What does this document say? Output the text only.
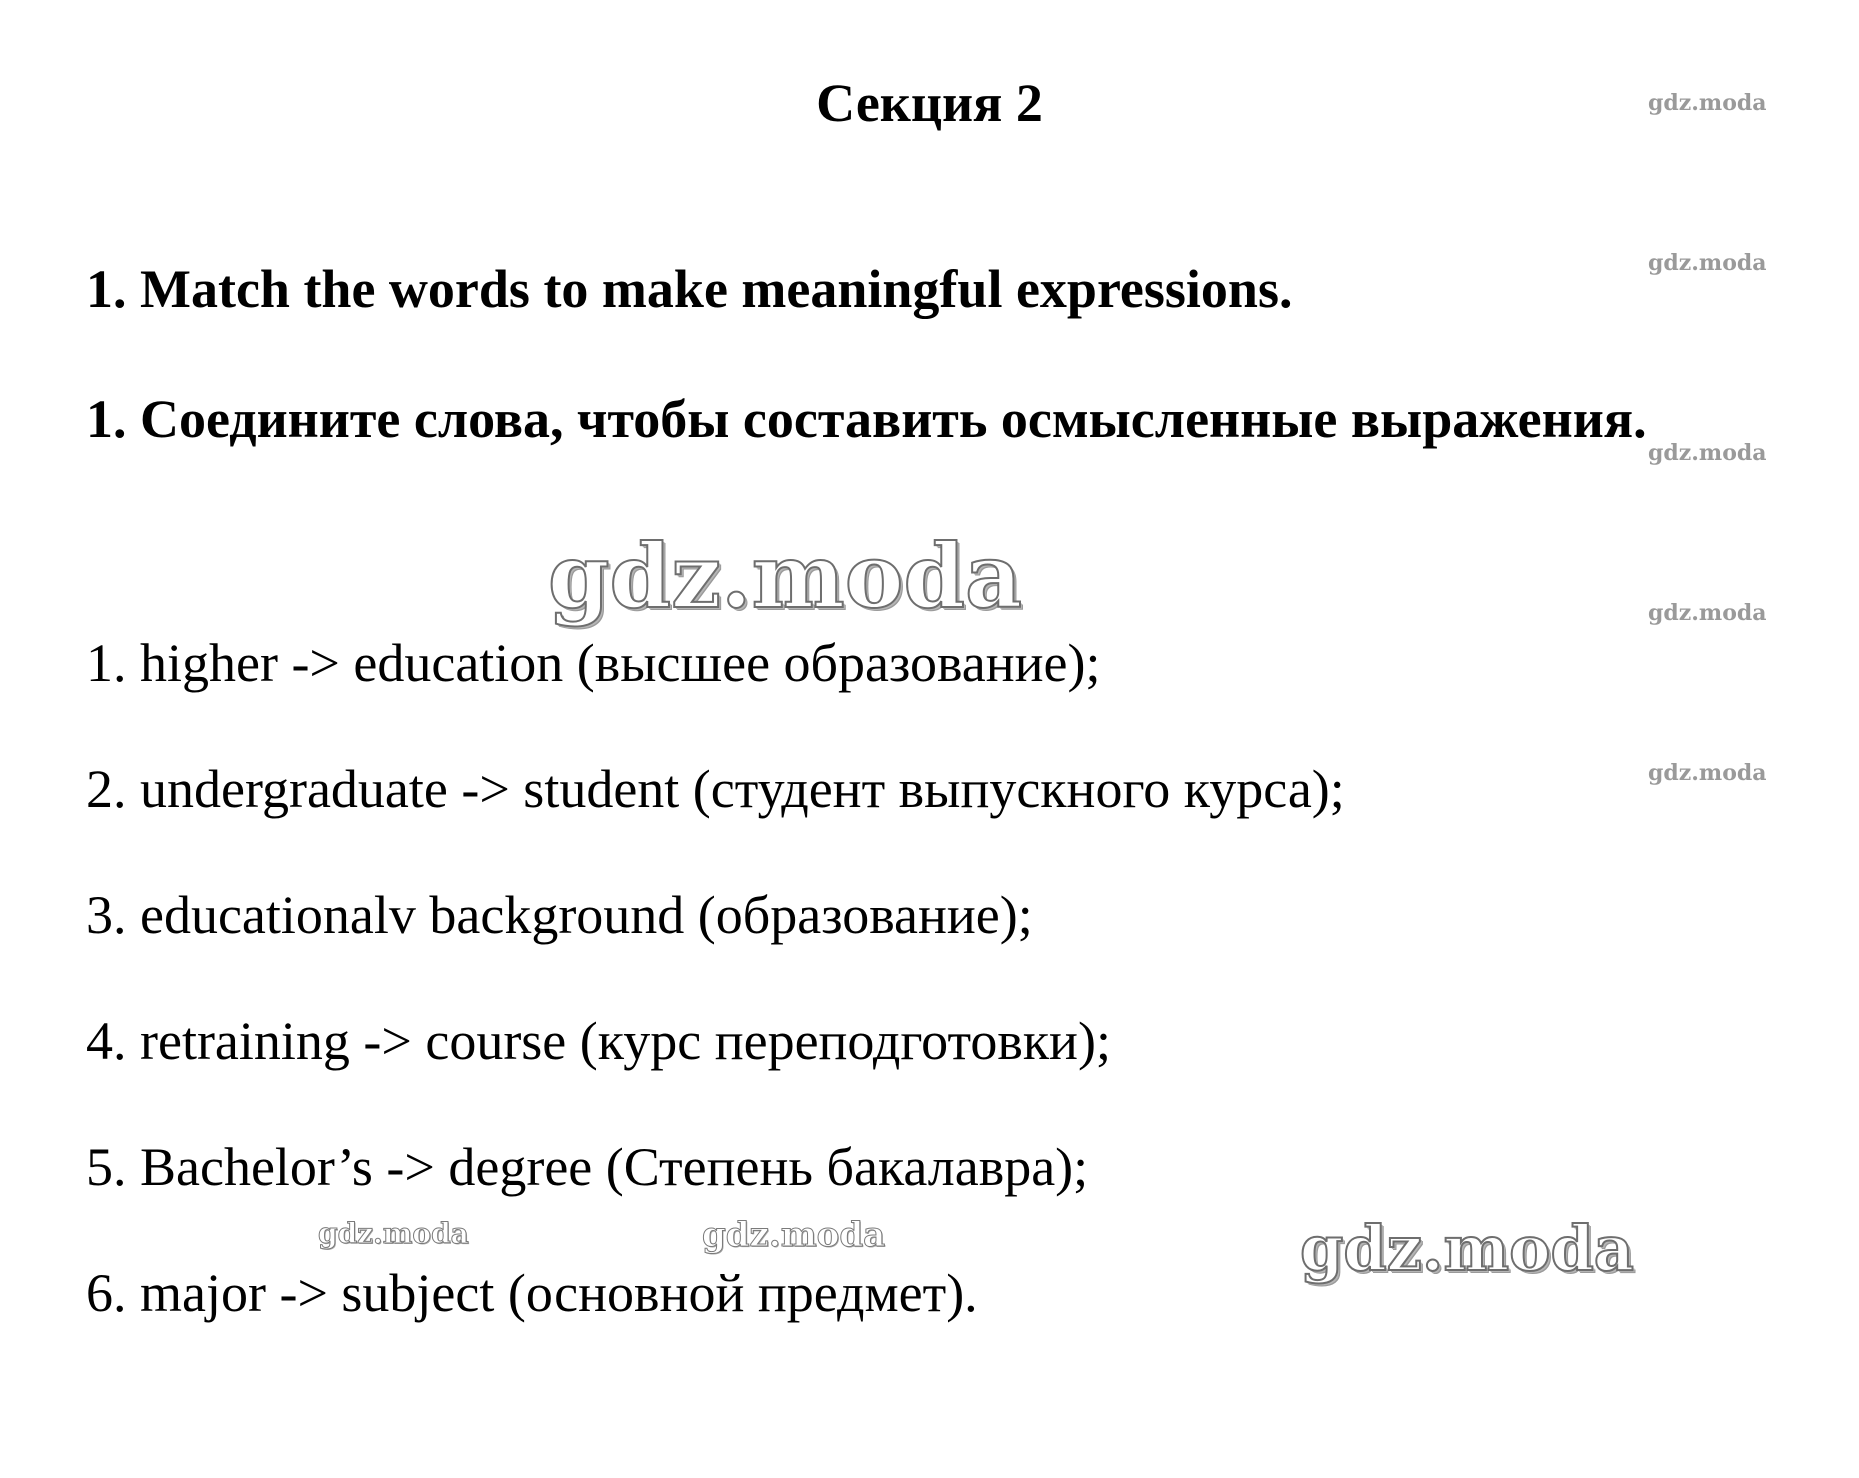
Секция 2

1. Match the words to make meaningful expressions.

1. Соедините слова, чтобы составить осмысленные выражения.

1. higher -> education (высшее образование);
2. undergraduate -> student (студент выпускного курса);
3. educationalv background (образование);
4. retraining -> course (курс переподготовки);
5. Bachelor’s -> degree (Степень бакалавра);
6. major -> subject (основной предмет).
gdz.moda
gdz.moda
gdz.moda
gdz.moda
gdz.moda
gdz.moda
gdz.moda
gdz.moda	gdz.moda
